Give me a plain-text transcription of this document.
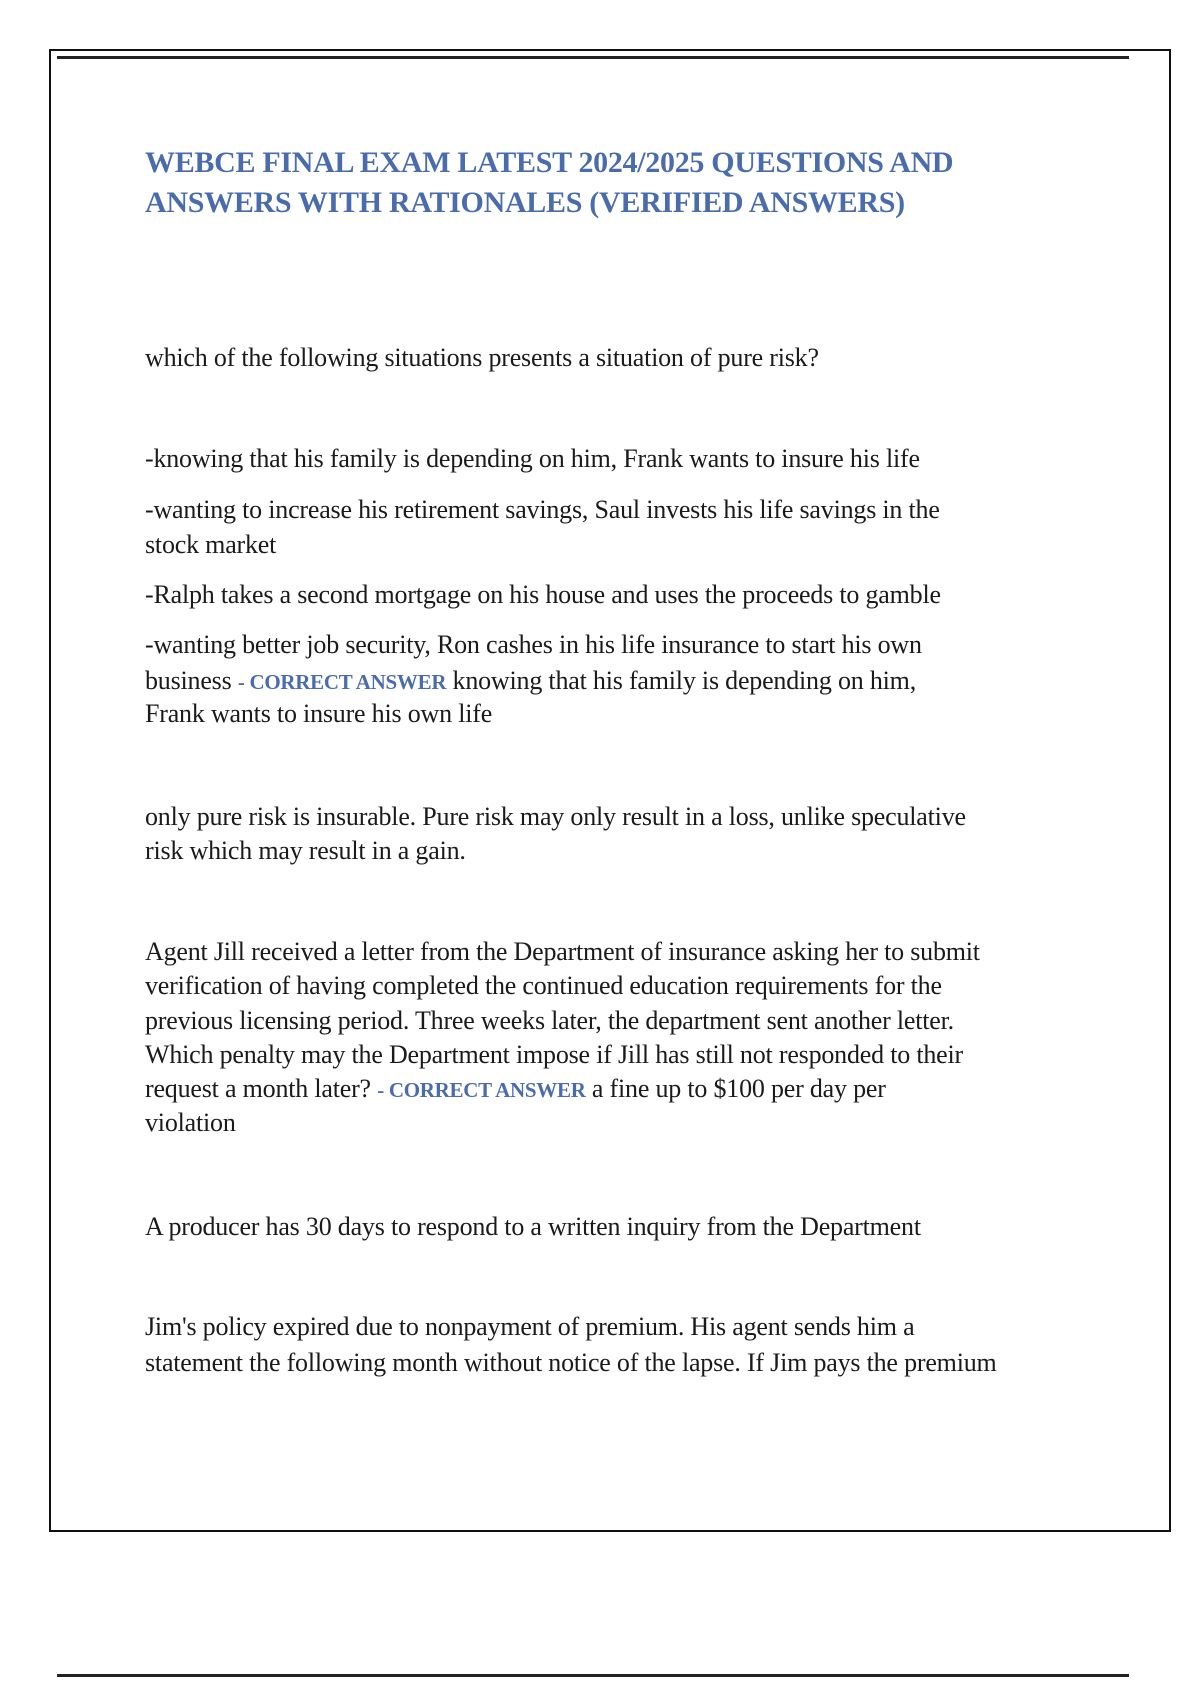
WEBCE FINAL EXAM LATEST 2024/2025 QUESTIONS AND
ANSWERS WITH RATIONALES (VERIFIED ANSWERS)
which of the following situations presents a situation of pure risk?
-knowing that his family is depending on him, Frank wants to insure his life
-wanting to increase his retirement savings, Saul invests his life savings in the
stock market
-Ralph takes a second mortgage on his house and uses the proceeds to gamble
-wanting better job security, Ron cashes in his life insurance to start his own
business - CORRECT ANSWER knowing that his family is depending on him,
Frank wants to insure his own life
only pure risk is insurable. Pure risk may only result in a loss, unlike speculative
risk which may result in a gain.
Agent Jill received a letter from the Department of insurance asking her to submit
verification of having completed the continued education requirements for the
previous licensing period. Three weeks later, the department sent another letter.
Which penalty may the Department impose if Jill has still not responded to their
request a month later? - CORRECT ANSWER a fine up to $100 per day per
violation
A producer has 30 days to respond to a written inquiry from the Department
Jim's policy expired due to nonpayment of premium. His agent sends him a
statement the following month without notice of the lapse. If Jim pays the premium
